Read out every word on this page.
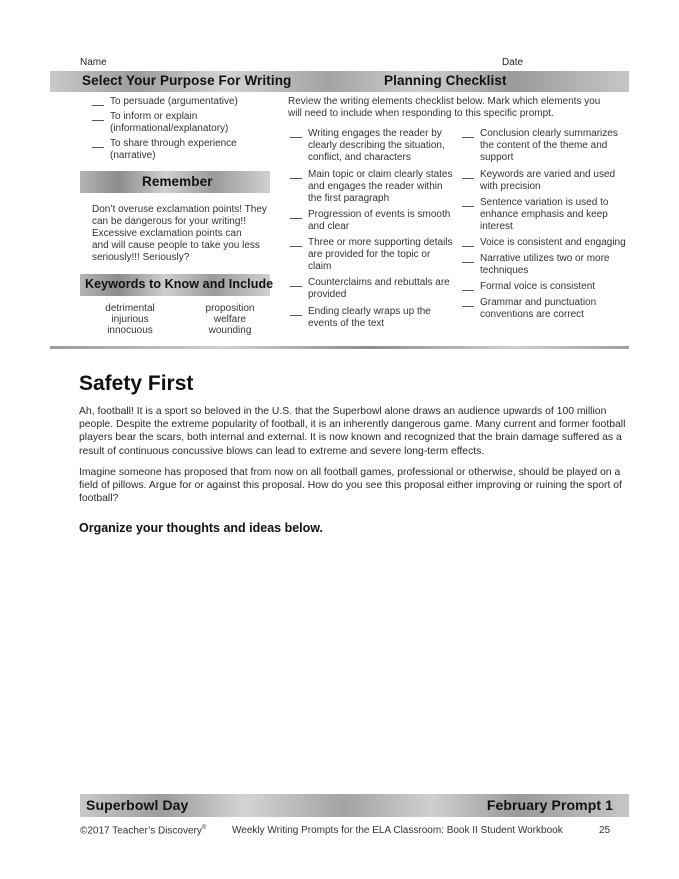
Name	Date
Select Your Purpose For Writing	Planning Checklist
To persuade (argumentative)
To inform or explain
(informational/explanatory)
To share through experience
(narrative)
Remember
Don’t overuse exclamation points! They
can be dangerous for your writing!!
Excessive exclamation points can
and will cause people to take you less
seriously!!! Seriously?
Keywords to Know and Include
detrimental
injurious
innocuous
proposition
welfare
wounding
Review the writing elements checklist below. Mark which elements you
will need to include when responding to this specific prompt.
Writing engages the reader by
clearly describing the situation,
conflict, and characters
Main topic or claim clearly states
and engages the reader within
the first paragraph
Progression of events is smooth
and clear
Three or more supporting details
are provided for the topic or
claim
Counterclaims and rebuttals are
provided
Ending clearly wraps up the
events of the text
Conclusion clearly summarizes
the content of the theme and
support
Keywords are varied and used
with precision
Sentence variation is used to
enhance emphasis and keep
interest
Voice is consistent and engaging
Narrative utilizes two or more
techniques
Formal voice is consistent
Grammar and punctuation
conventions are correct
Safety First
Ah, football! It is a sport so beloved in the U.S. that the Superbowl alone draws an audience upwards of 100 million
people. Despite the extreme popularity of football, it is an inherently dangerous game. Many current and former football
players bear the scars, both internal and external. It is now known and recognized that the brain damage suffered as a
result of continuous concussive blows can lead to extreme and severe long-term effects.
Imagine someone has proposed that from now on all football games, professional or otherwise, should be played on a
field of pillows. Argue for or against this proposal. How do you see this proposal either improving or ruining the sport of
football?
Organize your thoughts and ideas below.
Superbowl Day	February Prompt 1
©2017 Teacher’s Discovery®	Weekly Writing Prompts for the ELA Classroom: Book II Student Workbook	25
